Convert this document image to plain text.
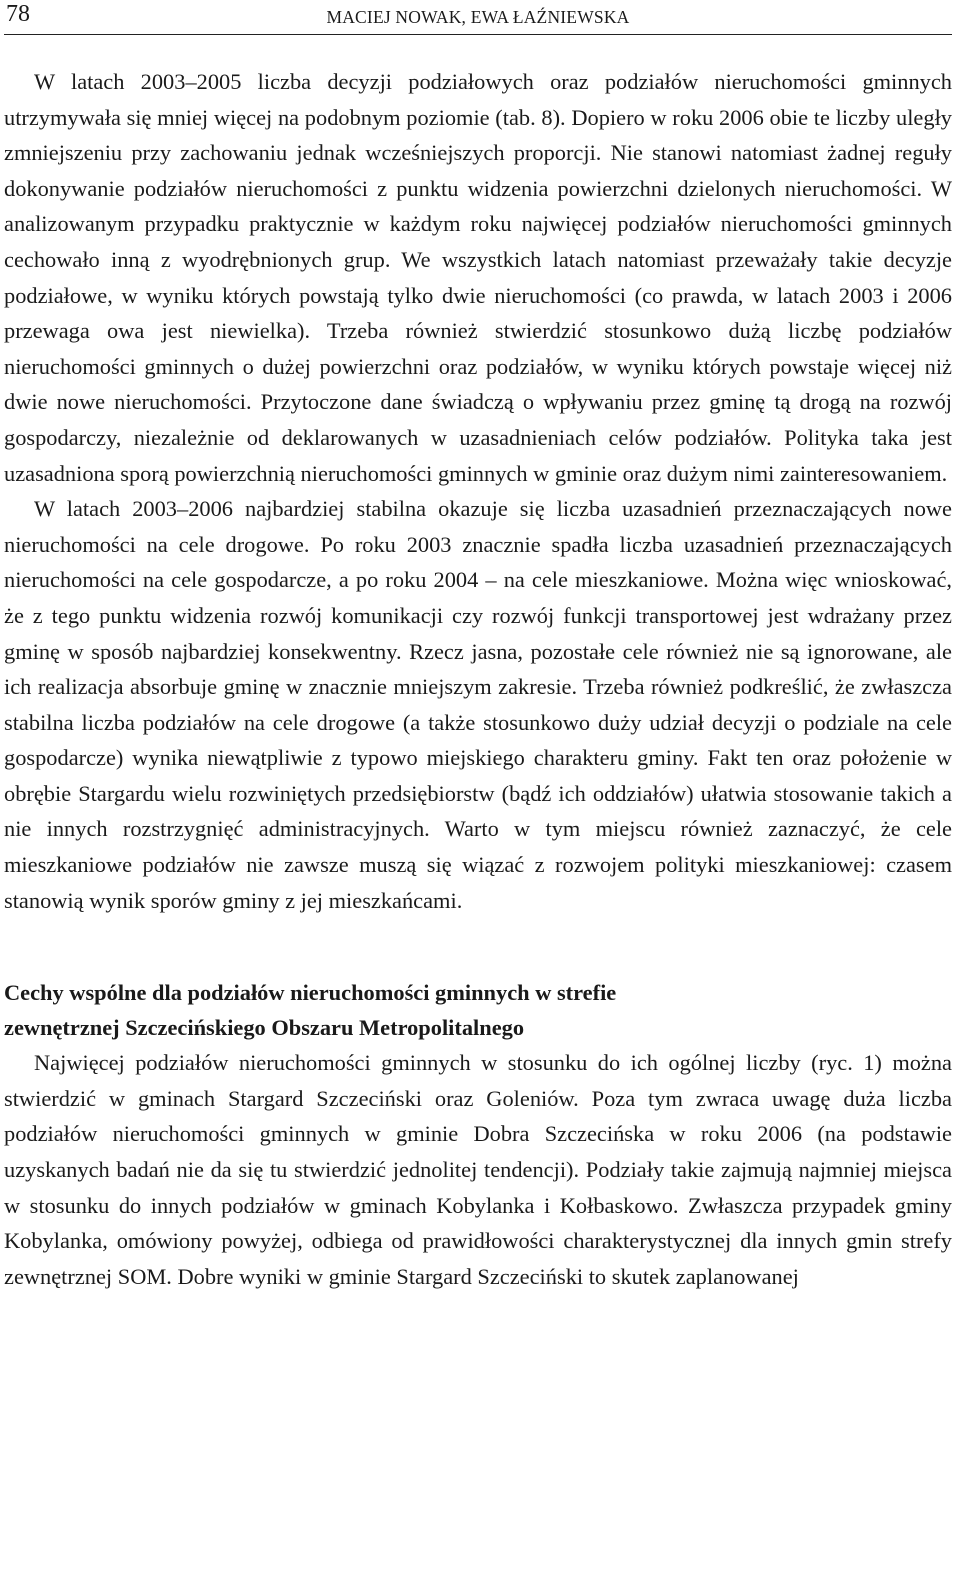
78	MACIEJ NOWAK, EWA ŁAŹNIEWSKA

W latach 2003–2005 liczba decyzji podziałowych oraz podziałów nieruchomości gminnych utrzymywała się mniej więcej na podobnym poziomie (tab. 8). Dopiero w roku 2006 obie te liczby uległy zmniejszeniu przy zachowaniu jednak wcześniejszych proporcji. Nie stanowi natomiast żadnej reguły dokonywanie podziałów nieruchomości z punktu widzenia powierzchni dzielonych nieruchomości. W analizowanym przypadku praktycznie w każdym roku najwięcej podziałów nieruchomości gminnych cechowało inną z wyodrębnionych grup. We wszystkich latach natomiast przeważały takie decyzje podziałowe, w wyniku których powstają tylko dwie nieruchomości (co prawda, w latach 2003 i 2006 przewaga owa jest niewielka). Trzeba również stwierdzić stosunkowo dużą liczbę podziałów nieruchomości gminnych o dużej powierzchni oraz podziałów, w wyniku których powstaje więcej niż dwie nowe nieruchomości. Przytoczone dane świadczą o wpływaniu przez gminę tą drogą na rozwój gospodarczy, niezależnie od deklarowanych w uzasadnieniach celów podziałów. Polityka taka jest uzasadniona sporą powierzchnią nieruchomości gminnych w gminie oraz dużym nimi zainteresowaniem.

W latach 2003–2006 najbardziej stabilna okazuje się liczba uzasadnień przeznaczających nowe nieruchomości na cele drogowe. Po roku 2003 znacznie spadła liczba uzasadnień przeznaczających nieruchomości na cele gospodarcze, a po roku 2004 – na cele mieszkaniowe. Można więc wnioskować, że z tego punktu widzenia rozwój komunikacji czy rozwój funkcji transportowej jest wdrażany przez gminę w sposób najbardziej konsekwentny. Rzecz jasna, pozostałe cele również nie są ignorowane, ale ich realizacja absorbuje gminę w znacznie mniejszym zakresie. Trzeba również podkreślić, że zwłaszcza stabilna liczba podziałów na cele drogowe (a także stosunkowo duży udział decyzji o podziale na cele gospodarcze) wynika niewątpliwie z typowo miejskiego charakteru gminy. Fakt ten oraz położenie w obrębie Stargardu wielu rozwiniętych przedsiębiorstw (bądź ich oddziałów) ułatwia stosowanie takich a nie innych rozstrzygnięć administracyjnych. Warto w tym miejscu również zaznaczyć, że cele mieszkaniowe podziałów nie zawsze muszą się wiązać z rozwojem polityki mieszkaniowej: czasem stanowią wynik sporów gminy z jej mieszkańcami.

Cechy wspólne dla podziałów nieruchomości gminnych w strefie
zewnętrznej Szczecińskiego Obszaru Metropolitalnego

Najwięcej podziałów nieruchomości gminnych w stosunku do ich ogólnej liczby (ryc. 1) można stwierdzić w gminach Stargard Szczeciński oraz Goleniów. Poza tym zwraca uwagę duża liczba podziałów nieruchomości gminnych w gminie Dobra Szczecińska w roku 2006 (na podstawie uzyskanych badań nie da się tu stwierdzić jednolitej tendencji). Podziały takie zajmują najmniej miejsca w stosunku do innych podziałów w gminach Kobylanka i Kołbaskowo. Zwłaszcza przypadek gminy Kobylanka, omówiony powyżej, odbiega od prawidłowości charakterystycznej dla innych gmin strefy zewnętrznej SOM. Dobre wyniki w gminie Stargard Szczeciński to skutek zaplanowanej
